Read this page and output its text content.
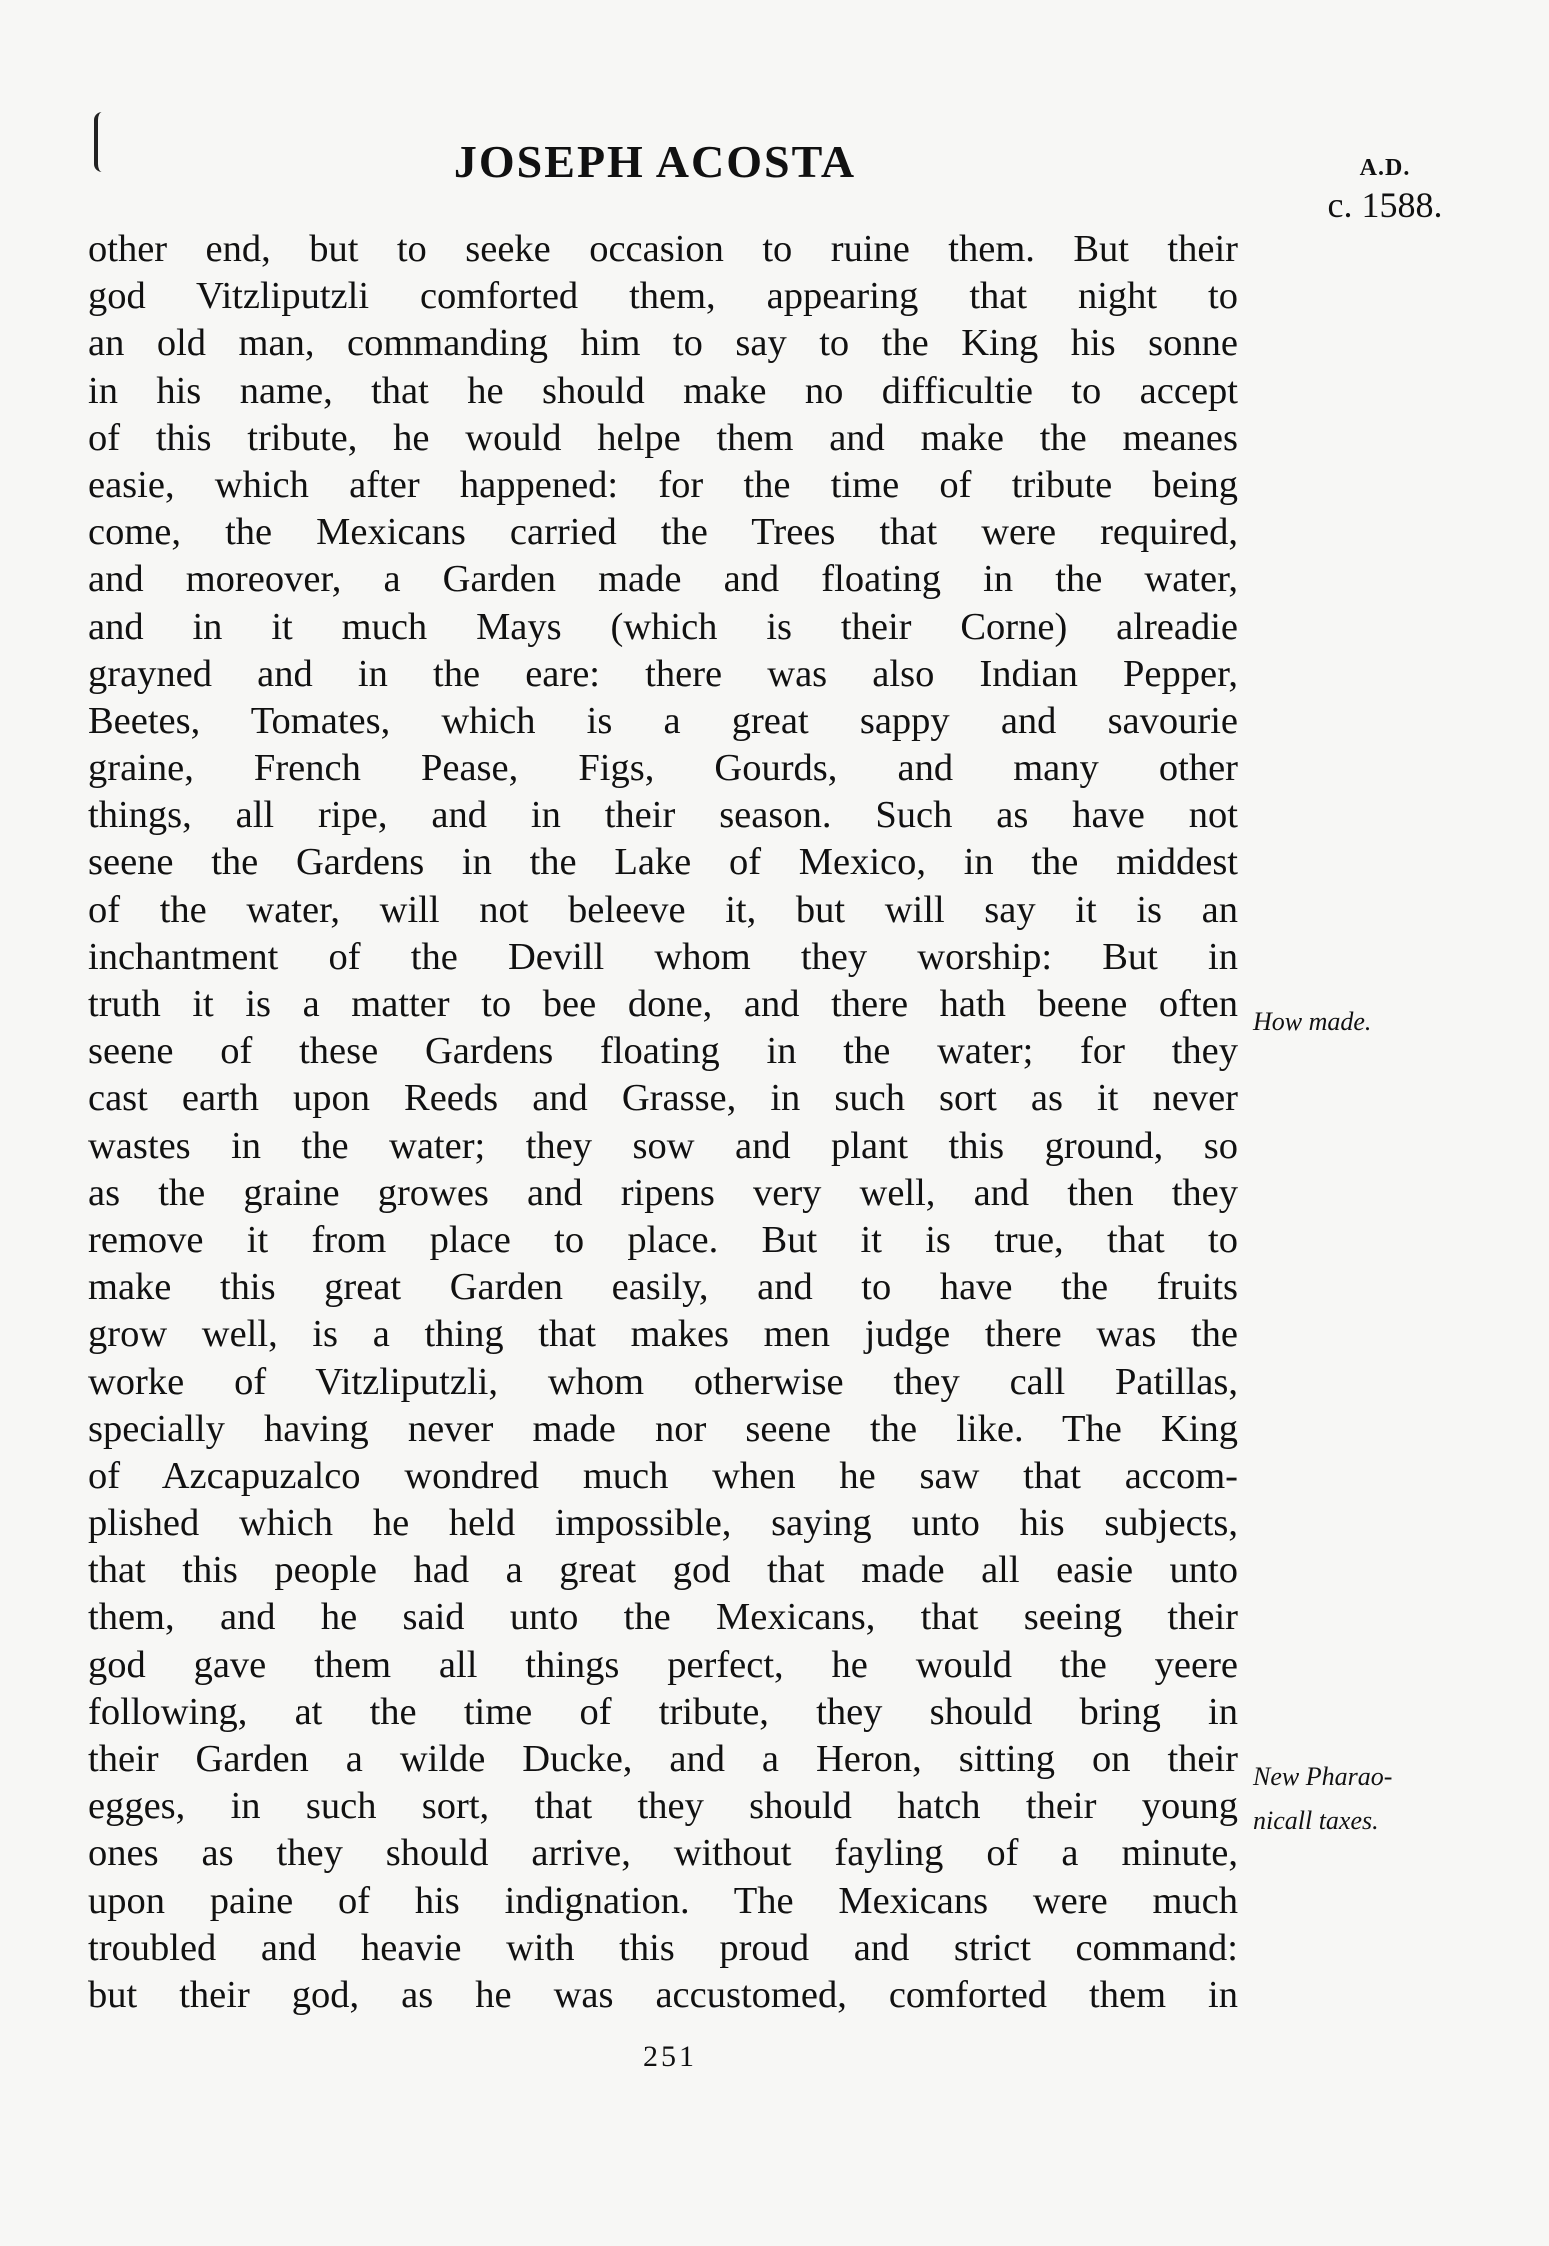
JOSEPH ACOSTA	A.D.
c. 1588.
other end, but to seeke occasion to ruine them. But their
god Vitzliputzli comforted them, appearing that night to
an old man, commanding him to say to the King his sonne
in his name, that he should make no difficultie to accept
of this tribute, he would helpe them and make the meanes
easie, which after happened: for the time of tribute being
come, the Mexicans carried the Trees that were required,
and moreover, a Garden made and floating in the water,
and in it much Mays (which is their Corne) alreadie
grayned and in the eare: there was also Indian Pepper,
Beetes, Tomates, which is a great sappy and savourie
graine, French Pease, Figs, Gourds, and many other
things, all ripe, and in their season. Such as have not
seene the Gardens in the Lake of Mexico, in the middest
of the water, will not beleeve it, but will say it is an
inchantment of the Devill whom they worship: But in
truth it is a matter to bee done, and there hath beene often
seene of these Gardens floating in the water; for they
cast earth upon Reeds and Grasse, in such sort as it never
wastes in the water; they sow and plant this ground, so
as the graine growes and ripens very well, and then they
remove it from place to place. But it is true, that to
make this great Garden easily, and to have the fruits
grow well, is a thing that makes men judge there was the
worke of Vitzliputzli, whom otherwise they call Patillas,
specially having never made nor seene the like. The King
of Azcapuzalco wondred much when he saw that accom-
plished which he held impossible, saying unto his subjects,
that this people had a great god that made all easie unto
them, and he said unto the Mexicans, that seeing their
god gave them all things perfect, he would the yeere
following, at the time of tribute, they should bring in
their Garden a wilde Ducke, and a Heron, sitting on their
egges, in such sort, that they should hatch their young
ones as they should arrive, without fayling of a minute,
upon paine of his indignation. The Mexicans were much
troubled and heavie with this proud and strict command:
but their god, as he was accustomed, comforted them in
How made.
New Pharao-
nicall taxes.
251
